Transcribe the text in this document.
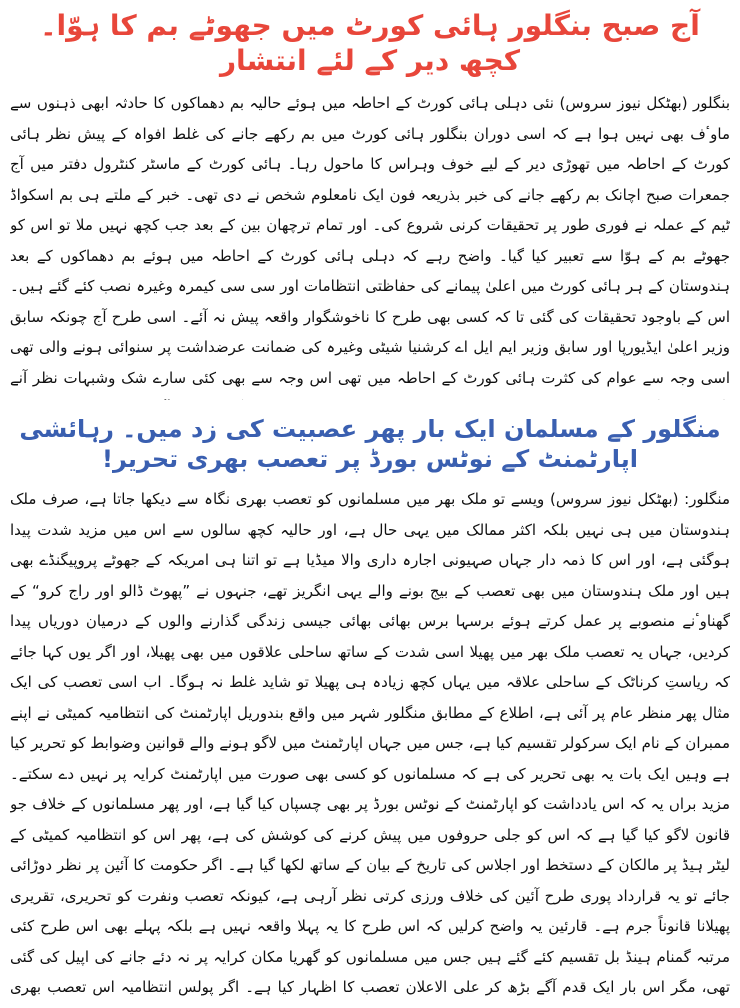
آج صبح بنگلور ہائی کورٹ میں جھوٹے بم کا ہوّا۔ کچھ دیر کے لئے انتشار

بنگلور (بھٹکل نیوز سروس) نئی دہلی ہائی کورٹ کے احاطہ میں ہوئے حالیہ بم دھماکوں کا حادثہ ابھی ذہنوں سے ماوٴف بھی نہیں ہوا ہے کہ اسی دوران بنگلور ہائی کورٹ میں بم رکھے جانے کی غلط افواہ کے پیش نظر ہائی کورٹ کے احاطہ میں تھوڑی دیر کے لیے خوف وہراس کا ماحول رہا۔ ہائی کورٹ کے ماسٹر کنٹرول دفتر میں آج جمعرات صبح اچانک بم رکھے جانے کی خبر بذریعہ فون ایک نامعلوم شخص نے دی تھی۔ خبر کے ملتے ہی بم اسکواڈ ٹیم کے عملہ نے فوری طور پر تحقیقات کرنی شروع کی۔ اور تمام ترچھان بین کے بعد جب کچھ نہیں ملا تو اس کو جھوٹے بم کے ہوّا سے تعبیر کیا گیا۔ واضح رہے کہ دہلی ہائی کورٹ کے احاطہ میں ہوئے بم دھماکوں کے بعد ہندوستان کے ہر ہائی کورٹ میں اعلیٰ پیمانے کی حفاظتی انتظامات اور سی سی کیمرہ وغیرہ نصب کئے گئے ہیں۔ اس کے باوجود تحقیقات کی گئی تا کہ کسی بھی طرح کا ناخوشگوار واقعہ پیش نہ آئے۔ اسی طرح آج چونکہ سابق وزیر اعلیٰ ایڈیورپا اور سابق وزیر ایم ایل اے کرشنیا شیٹی وغیرہ کی ضمانت عرضداشت پر سنوائی ہونے والی تھی اسی وجہ سے عوام کی کثرت ہائی کورٹ کے احاطہ میں تھی اس وجہ سے بھی کئی سارے شک وشبہات نظر آنے

منگلور کے مسلمان ایک بار پھر عصبیت کی زد میں۔ رہائشی اپارٹمنٹ کے نوٹس بورڈ پر تعصب بھری تحریر!

منگلور: (بھٹکل نیوز سروس) ویسے تو ملک بھر میں مسلمانوں کو تعصب بھری نگاہ سے دیکھا جاتا ہے، صرف ملک ہندوستان میں ہی نہیں بلکہ اکثر ممالک میں یہی حال ہے، اور حالیہ کچھ سالوں سے اس میں مزید شدت پیدا ہوگئی ہے، اور اس کا ذمہ دار جہاں صہیونی اجارہ داری والا میڈیا ہے تو اتنا ہی امریکہ کے جھوٹے پروپیگنڈے بھی ہیں اور ملک ہندوستان میں بھی تعصب کے بیج بونے والے یہی انگریز تھے، جنہوں نے ”پھوٹ ڈالو اور راج کرو“ کے گھناوٴنے منصوبے پر عمل کرتے ہوئے برسہا برس بھائی بھائی جیسی زندگی گذارنے والوں کے درمیان دوریاں پیدا کردیں، جہاں یہ تعصب ملک بھر میں پھیلا اسی شدت کے ساتھ ساحلی علاقوں میں بھی پھیلا، اور اگر یوں کہا جائے کہ ریاستِ کرناٹک کے ساحلی علاقہ میں یہاں کچھ زیادہ ہی پھیلا تو شاید غلط نہ ہوگا۔ اب اسی تعصب کی ایک مثال پھر منظر عام پر آئی ہے، اطلاع کے مطابق منگلور شہر میں واقع بندوریل اپارٹمنٹ کی انتظامیہ کمیٹی نے اپنے ممبران کے نام ایک سرکولر تقسیم کیا ہے، جس میں جہاں اپارٹمنٹ میں لاگو ہونے والے قوانین وضوابط کو تحریر کیا ہے وہیں ایک بات یہ بھی تحریر کی ہے کہ مسلمانوں کو کسی بھی صورت میں اپارٹمنٹ کرایہ پر نہیں دے سکتے۔ مزید براں یہ کہ اس یادداشت کو اپارٹمنٹ کے نوٹس بورڈ پر بھی چسپاں کیا گیا ہے، اور پھر مسلمانوں کے خلاف جو قانون لاگو کیا گیا ہے کہ اس کو جلی حروفوں میں پیش کرنے کی کوشش کی ہے، پھر اس کو انتظامیہ کمیٹی کے لیٹر ہیڈ پر مالکان کے دستخط اور اجلاس کی تاریخ کے بیان کے ساتھ لکھا گیا ہے۔ اگر حکومت کا آئین پر نظر دوڑائی جائے تو یہ قرارداد پوری طرح آئین کی خلاف ورزی کرتی نظر آرہی ہے، کیونکہ تعصب ونفرت کو تحریری، تقریری پھیلانا قانوناً جرم ہے۔ قارئین یہ واضح کرلیں کہ اس طرح کا یہ پہلا واقعہ نہیں ہے بلکہ پہلے بھی اس طرح کئی مرتبہ گمنام ہینڈ بل تقسیم کئے گئے ہیں جس میں مسلمانوں کو گھریا مکان کرایہ پر نہ دئے جانے کی اپیل کی گئی تھی، مگر اس بار ایک قدم آگے بڑھ کر علی الاعلان تعصب کا اظہار کیا ہے۔ اگر پولس انتظامیہ اس تعصب بھری
